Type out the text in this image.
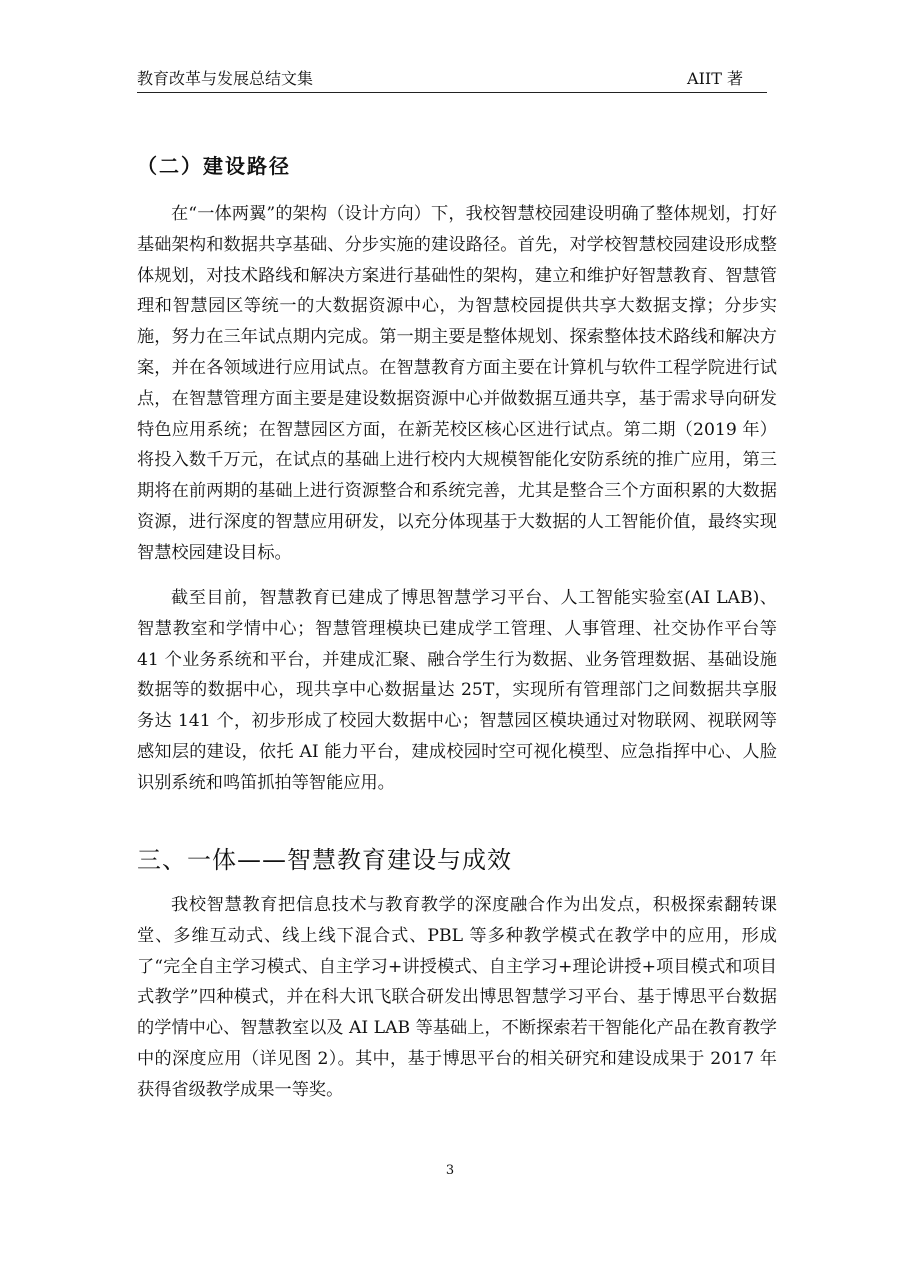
教育改革与发展总结文集	AIIT 著
（二）建设路径

在“一体两翼”的架构（设计方向）下，我校智慧校园建设明确了整体规划，打好基础架构和数据共享基础、分步实施的建设路径。首先，对学校智慧校园建设形成整体规划，对技术路线和解决方案进行基础性的架构，建立和维护好智慧教育、智慧管理和智慧园区等统一的大数据资源中心，为智慧校园提供共享大数据支撑；分步实施，努力在三年试点期内完成。第一期主要是整体规划、探索整体技术路线和解决方案，并在各领域进行应用试点。在智慧教育方面主要在计算机与软件工程学院进行试点，在智慧管理方面主要是建设数据资源中心并做数据互通共享，基于需求导向研发特色应用系统；在智慧园区方面，在新芜校区核心区进行试点。第二期（2019 年）将投入数千万元，在试点的基础上进行校内大规模智能化安防系统的推广应用，第三期将在前两期的基础上进行资源整合和系统完善，尤其是整合三个方面积累的大数据资源，进行深度的智慧应用研发，以充分体现基于大数据的人工智能价值，最终实现智慧校园建设目标。

截至目前，智慧教育已建成了博思智慧学习平台、人工智能实验室(AI LAB)、智慧教室和学情中心；智慧管理模块已建成学工管理、人事管理、社交协作平台等 41 个业务系统和平台，并建成汇聚、融合学生行为数据、业务管理数据、基础设施数据等的数据中心，现共享中心数据量达 25T，实现所有管理部门之间数据共享服务达 141 个，初步形成了校园大数据中心；智慧园区模块通过对物联网、视联网等感知层的建设，依托 AI 能力平台，建成校园时空可视化模型、应急指挥中心、人脸识别系统和鸣笛抓拍等智能应用。

三、一体——智慧教育建设与成效

我校智慧教育把信息技术与教育教学的深度融合作为出发点，积极探索翻转课堂、多维互动式、线上线下混合式、PBL 等多种教学模式在教学中的应用，形成了“完全自主学习模式、自主学习+讲授模式、自主学习+理论讲授+项目模式和项目式教学”四种模式，并在科大讯飞联合研发出博思智慧学习平台、基于博思平台数据的学情中心、智慧教室以及 AI LAB 等基础上，不断探索若干智能化产品在教育教学中的深度应用（详见图 2）。其中，基于博思平台的相关研究和建设成果于 2017 年获得省级教学成果一等奖。

3
